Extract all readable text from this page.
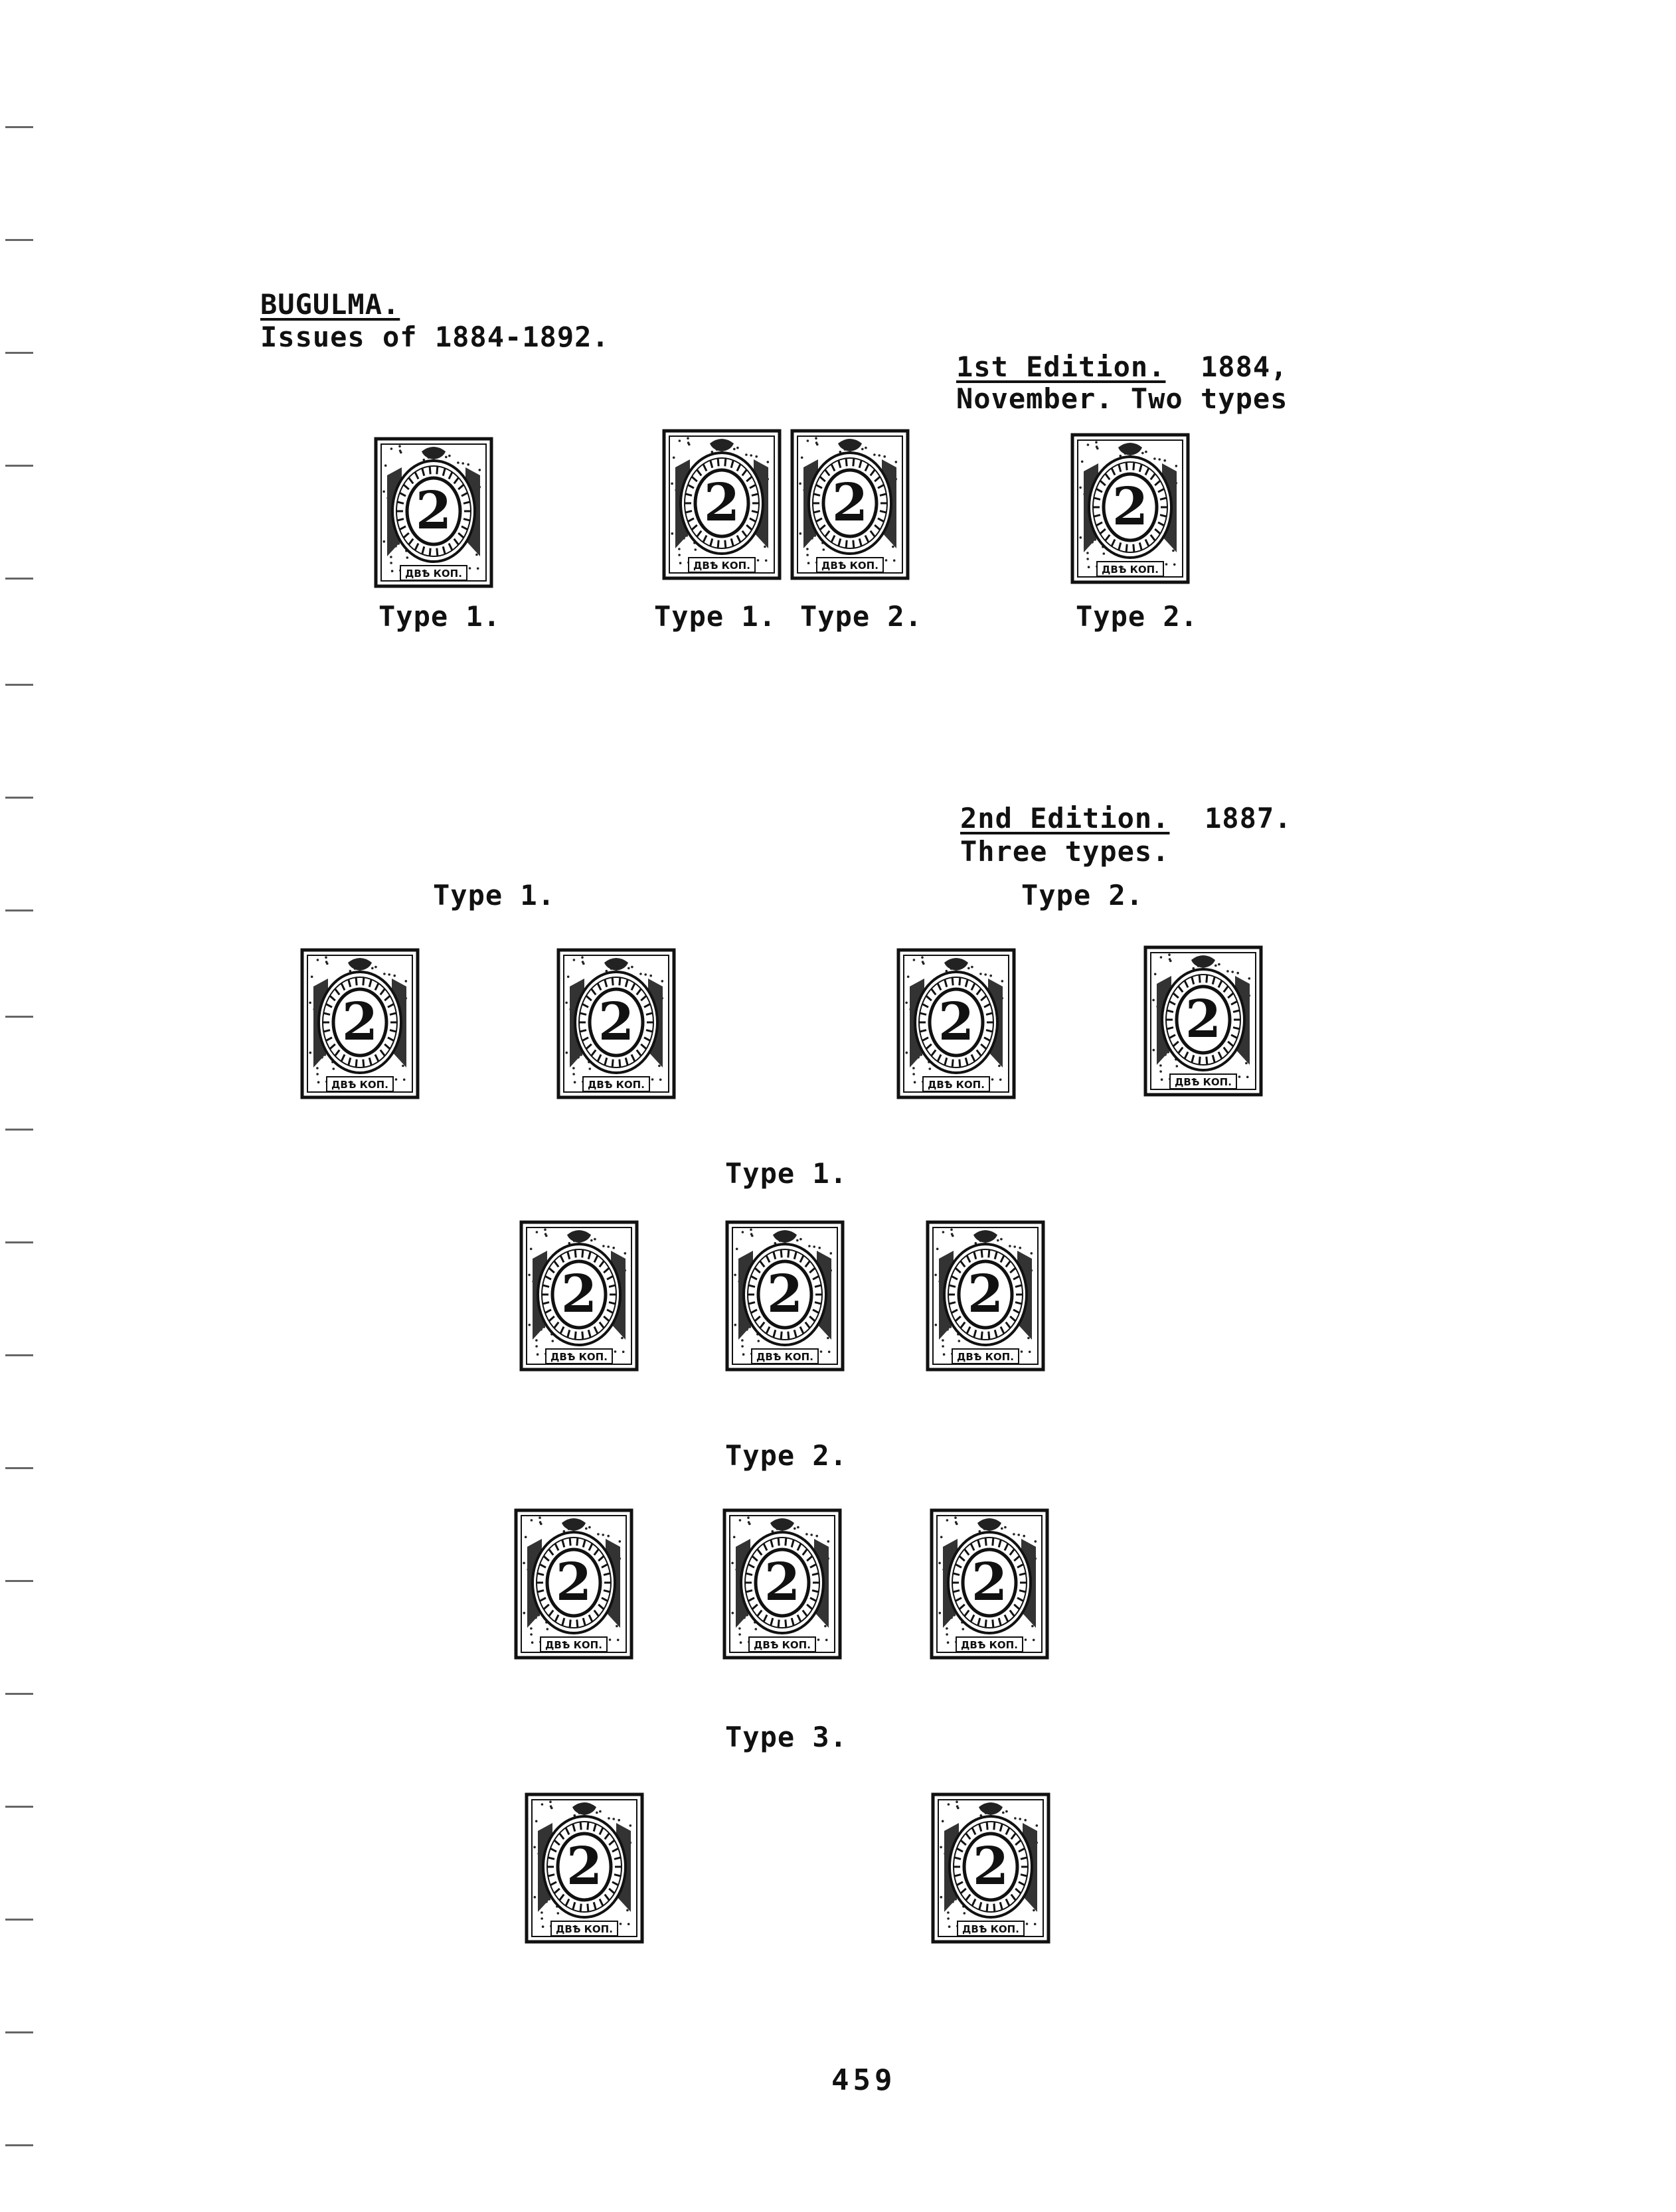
BUGULMA.
Issues of 1884-1892.
1st Edition. 1884,
November. Two types
2
ДВѢ КОП.
2
ДВѢ КОП.
2
ДВѢ КОП.
2
ДВѢ КОП.
Type 1.	Type 1. Type 2.	Type 2.
2nd Edition. 1887.
Three types.
Type 1.	Type 2.
2
ДВѢ КОП.
2
ДВѢ КОП.
2
ДВѢ КОП.
2
ДВѢ КОП.
Type 1.
2
ДВѢ КОП.
2
ДВѢ КОП.
2
ДВѢ КОП.
Type 2.
2
ДВѢ КОП.
2
ДВѢ КОП.
2
ДВѢ КОП.
Type 3.
2
ДВѢ КОП.
2
ДВѢ КОП.
459
